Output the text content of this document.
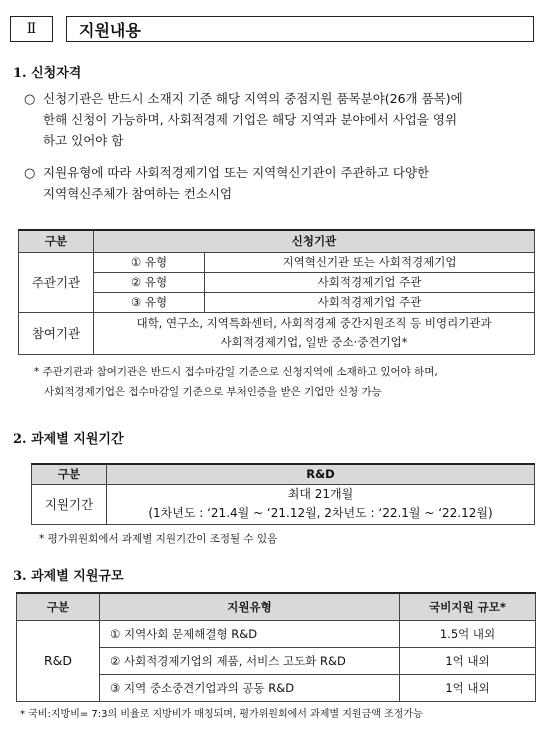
Ⅱ	지원내용
1. 신청자격
○ 신청기관은 반드시 소재지 기준 해당 지역의 중점지원 품목분야(26개 품목)에
한해 신청이 가능하며, 사회적경제 기업은 해당 지역과 분야에서 사업을 영위
하고 있어야 함
○ 지원유형에 따라 사회적경제기업 또는 지역혁신기관이 주관하고 다양한
지역혁신주체가 참여하는 컨소시엄
구분	신청기관	
주관기관	① 유형	지역혁신기관 또는 사회적경제기업
	② 유형	사회적경제기업 주관
	③ 유형	사회적경제기업 주관
참여기관	대학, 연구소, 지역특화센터, 사회적경제 중간지원조직 등 비영리기관과
사회적경제기업, 일반 중소·중견기업*	
* 주관기관과 참여기관은 반드시 접수마감일 기준으로 신청지역에 소재하고 있어야 하며,
사회적경제기업은 접수마감일 기준으로 부처인증을 받은 기업만 신청 가능
2. 과제별 지원기간
구분	R&D
지원기간	최대 21개월
(1차년도 : ‘21.4월 ~ ‘21.12월, 2차년도 : ‘22.1월 ~ ‘22.12월)
* 평가위원회에서 과제별 지원기간이 조정될 수 있음
3. 과제별 지원규모
구분	지원유형	국비지원 규모*
R&D	① 지역사회 문제해결형 R&D	1.5억 내외
	② 사회적경제기업의 제품, 서비스 고도화 R&D	1억 내외
	③ 지역 중소중견기업과의 공동 R&D	1억 내외
* 국비:지방비= 7:3의 비율로 지방비가 매칭되며, 평가위원회에서 과제별 지원금액 조정가능
